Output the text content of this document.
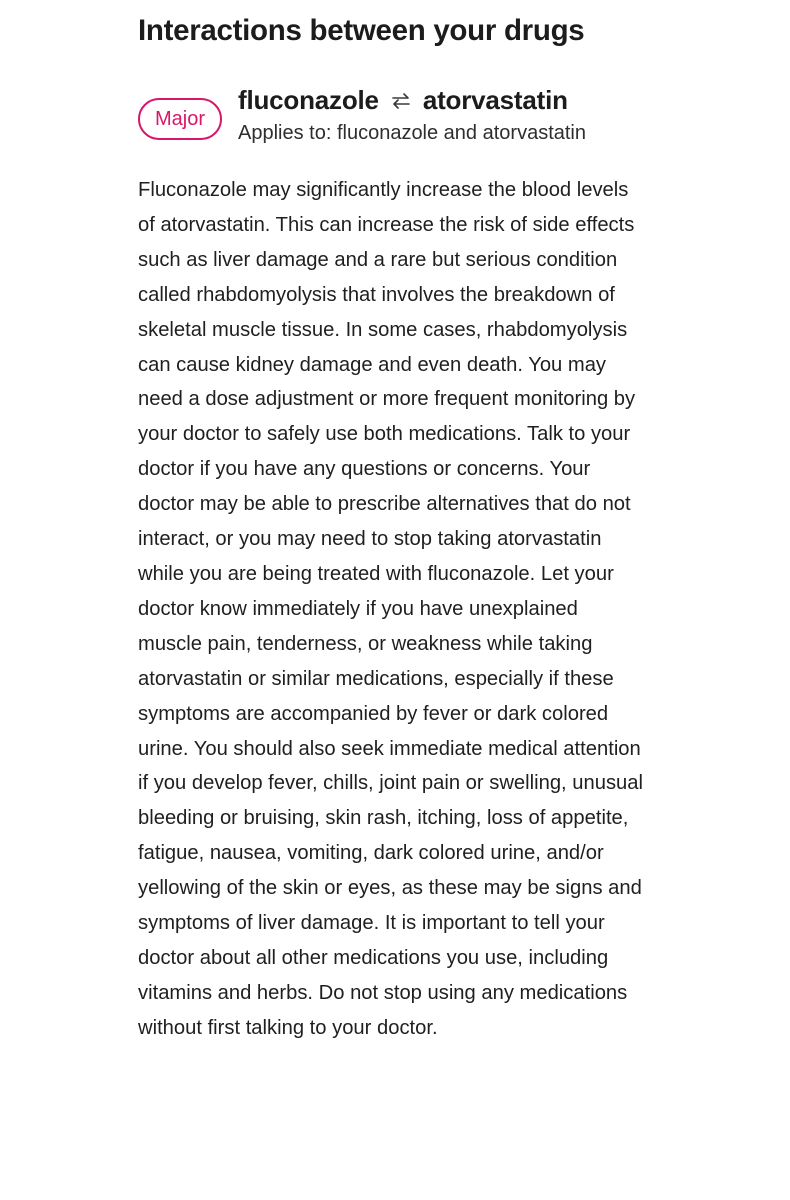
Interactions between your drugs
Major
fluconazole atorvastatin
Applies to: fluconazole and atorvastatin

Fluconazole may significantly increase the blood levels of atorvastatin. This can increase the risk of side effects such as liver damage and a rare but serious condition called rhabdomyolysis that involves the breakdown of skeletal muscle tissue. In some cases, rhabdomyolysis can cause kidney damage and even death. You may need a dose adjustment or more frequent monitoring by your doctor to safely use both medications. Talk to your doctor if you have any questions or concerns. Your doctor may be able to prescribe alternatives that do not interact, or you may need to stop taking atorvastatin while you are being treated with fluconazole. Let your doctor know immediately if you have unexplained muscle pain, tenderness, or weakness while taking atorvastatin or similar medications, especially if these symptoms are accompanied by fever or dark colored urine. You should also seek immediate medical attention if you develop fever, chills, joint pain or swelling, unusual bleeding or bruising, skin rash, itching, loss of appetite, fatigue, nausea, vomiting, dark colored urine, and/or yellowing of the skin or eyes, as these may be signs and symptoms of liver damage. It is important to tell your doctor about all other medications you use, including vitamins and herbs. Do not stop using any medications without first talking to your doctor.
